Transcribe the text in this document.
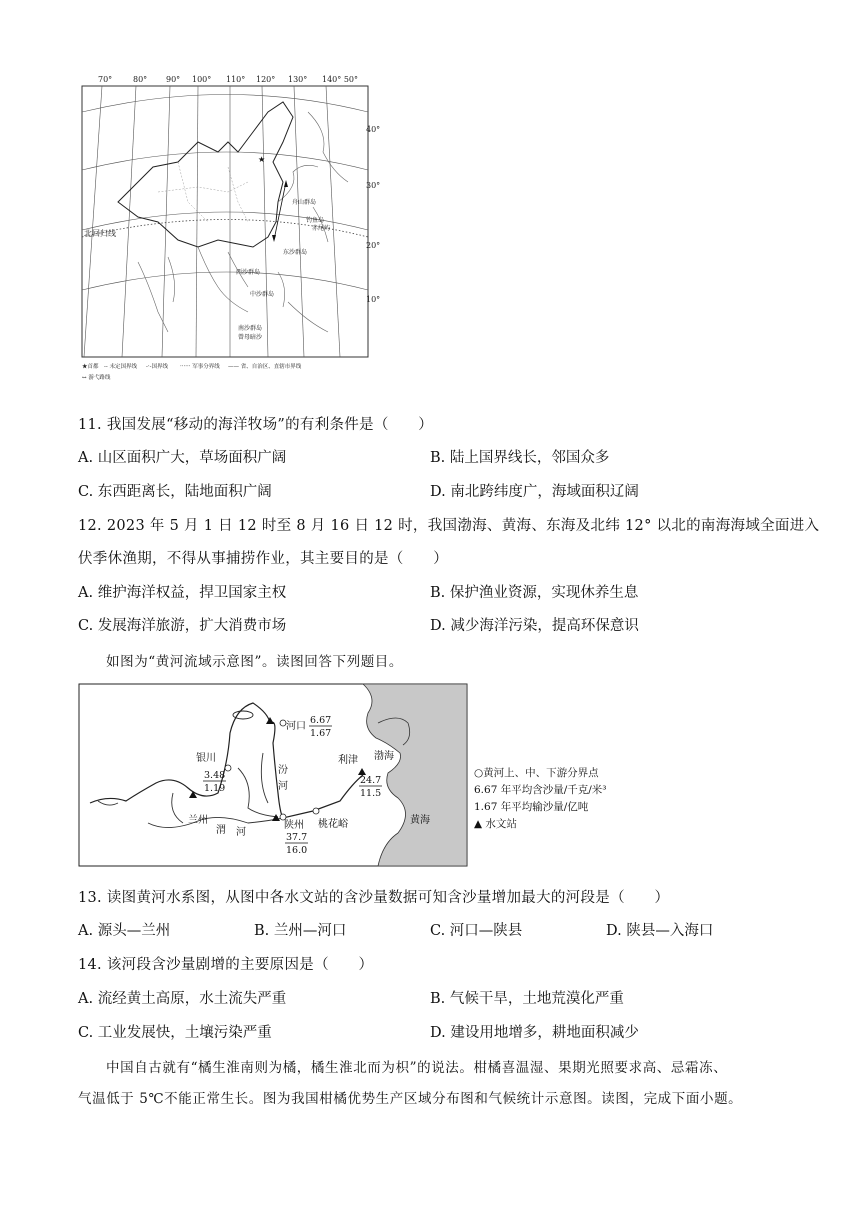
70°	80° 90° 100° 110° 120° 130° 140° 50°
40°
30°
20°
10°
北回归线
★
舟山群岛
钓鱼岛
赤尾屿
东沙群岛
西沙群岛
中沙群岛
南沙群岛
曾母暗沙
★首都 -- 未定国界线 -·-国界线 ······ 军事分界线 —— 省、自治区、直辖市界线
↔ 游弋路线
11. 我国发展“移动的海洋牧场”的有利条件是（　　）
A. 山区面积广大，草场面积广阔	B. 陆上国界线长，邻国众多
C. 东西距离长，陆地面积广阔	D. 南北跨纬度广，海域面积辽阔
12. 2023 年 5 月 1 日 12 时至 8 月 16 日 12 时，我国渤海、黄海、东海及北纬 12° 以北的南海海域全面进入
伏季休渔期，不得从事捕捞作业，其主要目的是（　　）
A. 维护海洋权益，捍卫国家主权	B. 保护渔业资源，实现休养生息
C. 发展海洋旅游，扩大消费市场	D. 减少海洋污染，提高环保意识
如图为“黄河流域示意图”。读图回答下列题目。
河口
银川
兰州	陕州 桃花峪
利津 渤海
黄海
汾
河
渭 河
6.67
1.67
3.48
1.19
37.7
16.0
24.7
11.5
○黄河上、中、下游分界点
6.67 年平均含沙量/千克/米³
1.67 年平均输沙量/亿吨
▲ 水文站
13. 读图黄河水系图，从图中各水文站的含沙量数据可知含沙量增加最大的河段是（　　）
A. 源头—兰州	B. 兰州—河口	C. 河口—陕县	D. 陕县—入海口
14. 该河段含沙量剧增的主要原因是（　　）
A. 流经黄土高原，水土流失严重	B. 气候干旱，土地荒漠化严重
C. 工业发展快，土壤污染严重	D. 建设用地增多，耕地面积减少
中国自古就有“橘生淮南则为橘，橘生淮北而为枳”的说法。柑橘喜温湿、果期光照要求高、忌霜冻、
气温低于 5℃不能正常生长。图为我国柑橘优势生产区域分布图和气候统计示意图。读图，完成下面小题。
